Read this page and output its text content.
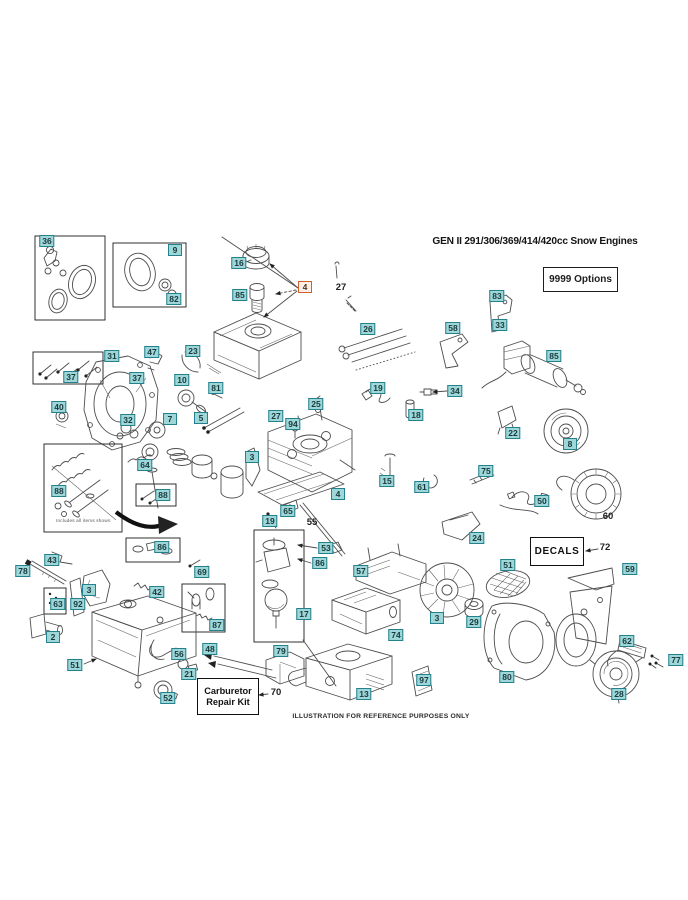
GEN II 291/306/369/414/420cc Snow Engines
9999 Options
DECALS
Carburetor
Repair Kit
Includes all items shown
ILLUSTRATION FOR REFERENCE PURPOSES ONLY
36
9
82
16
85
4	27
26	58
83
33
85
31	47	23
37	37	10
81
40
32	7	5
19	34
18
25
27
94
22
8
75
61
15
3
64
88	88
50
60
24
72
59
4
65
19	55
53
86
57
86
43
78
63	92
3	42
69
87
17
2
51
56	48	79
21
52	70
74
3	29
13
97
51
80
62
77
28
